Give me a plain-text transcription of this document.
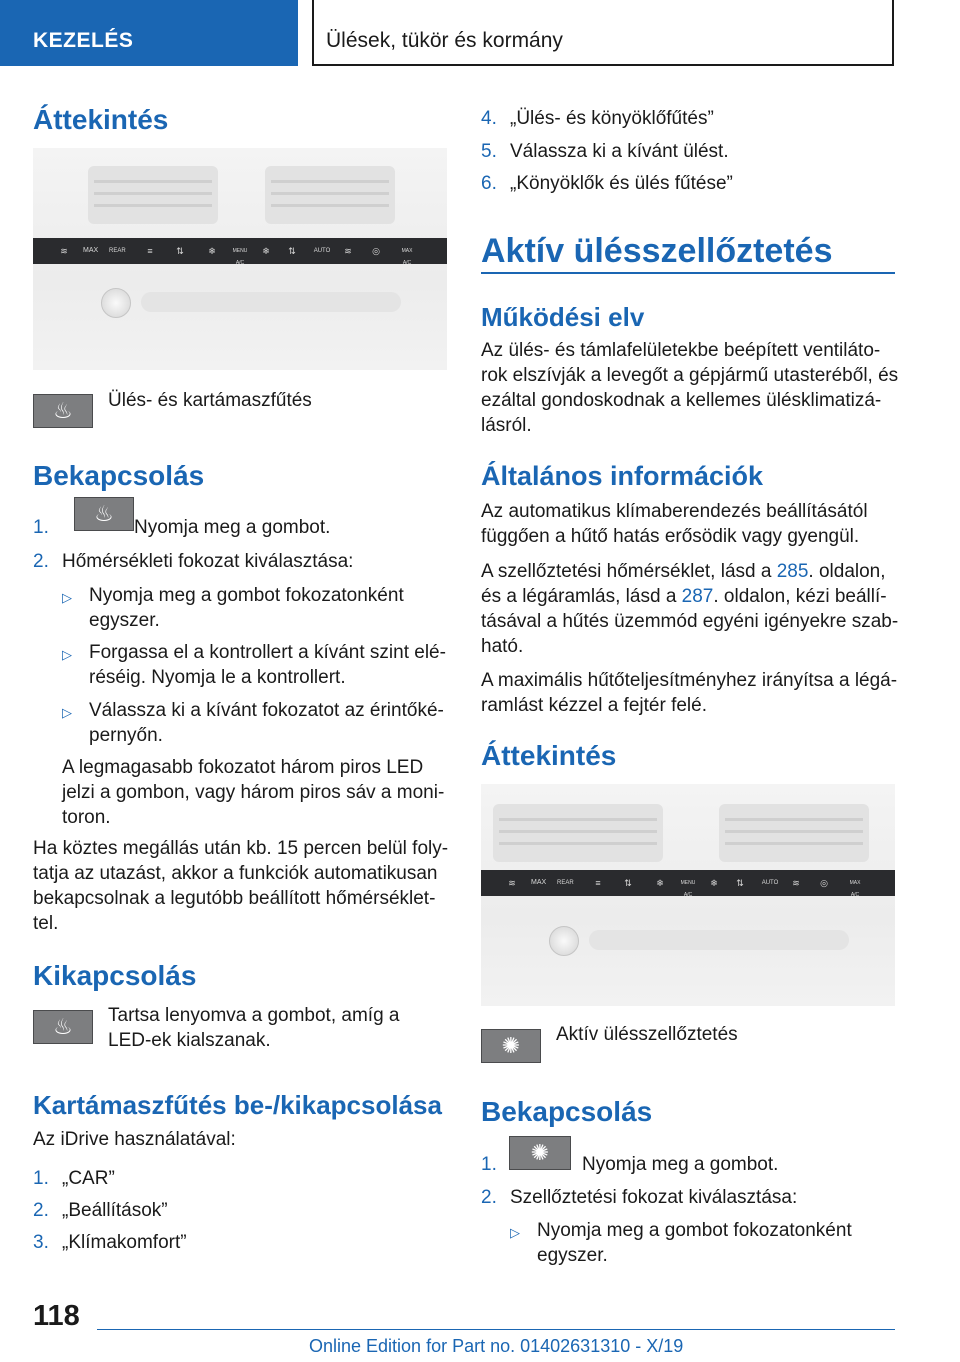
KEZELÉS	Ülések, tükör és kormány
Áttekintés
≋	MAX REAR	≡	⇅	❄	MENU A/C
❄	⇅	AUTO	≋	◎	MAX A/C
♨	Ülés- és kartámaszfűtés

Bekapcsolás
1.
♨
Nyomja meg a gombot.
2. Hőmérsékleti fokozat kiválasztása:
▷ Nyomja meg a gombot fokozatonként
egyszer.
▷ Forgassa el a kontrollert a kívánt szint elé-
réséig. Nyomja le a kontrollert.
▷ Válassza ki a kívánt fokozatot az érintőké-
pernyőn.

A legmagasabb fokozatot három piros LED
jelzi a gombon, vagy három piros sáv a moni-
toron.

Ha köztes megállás után kb. 15 percen belül foly-
tatja az utazást, akkor a funkciók automatikusan
bekapcsolnak a legutóbb beállított hőmérséklet-
tel.

Kikapcsolás
♨	Tartsa lenyomva a gombot, amíg a
LED-ek kialszanak.

Kartámaszfűtés be-/kikapcsolása

Az iDrive használatával:

1. „CAR”
2. „Beállítások”
3. „Klímakomfort”
4. „Ülés- és könyöklőfűtés”
5. Válassza ki a kívánt ülést.
6. „Könyöklők és ülés fűtése”
Aktív ülésszellőztetés
Működési elv

Az ülés- és támlafelületekbe beépített ventiláto-
rok elszívják a levegőt a gépjármű utasteréből, és
ezáltal gondoskodnak a kellemes ülésklimatizá-
lásról.

Általános információk

Az automatikus klímaberendezés beállításától
függően a hűtő hatás erősödik vagy gyengül.

A szellőztetési hőmérséklet, lásd a 285. oldalon,
és a légáramlás, lásd a 287. oldalon, kézi beállí-
tásával a hűtés üzemmód egyéni igényekre szab-
ható.

A maximális hűtőteljesítményhez irányítsa a légá-
ramlást kézzel a fejtér felé.

Áttekintés
≋	MAX REAR	≡	⇅	❄	MENU A/C
❄	⇅	AUTO	≋	◎	MAX A/C
✺	Aktív ülésszellőztetés

Bekapcsolás
1.	✺	Nyomja meg a gombot.
2. Szellőztetési fokozat kiválasztása:
▷ Nyomja meg a gombot fokozatonként
egyszer.
118
Online Edition for Part no. 01402631310 - X/19
